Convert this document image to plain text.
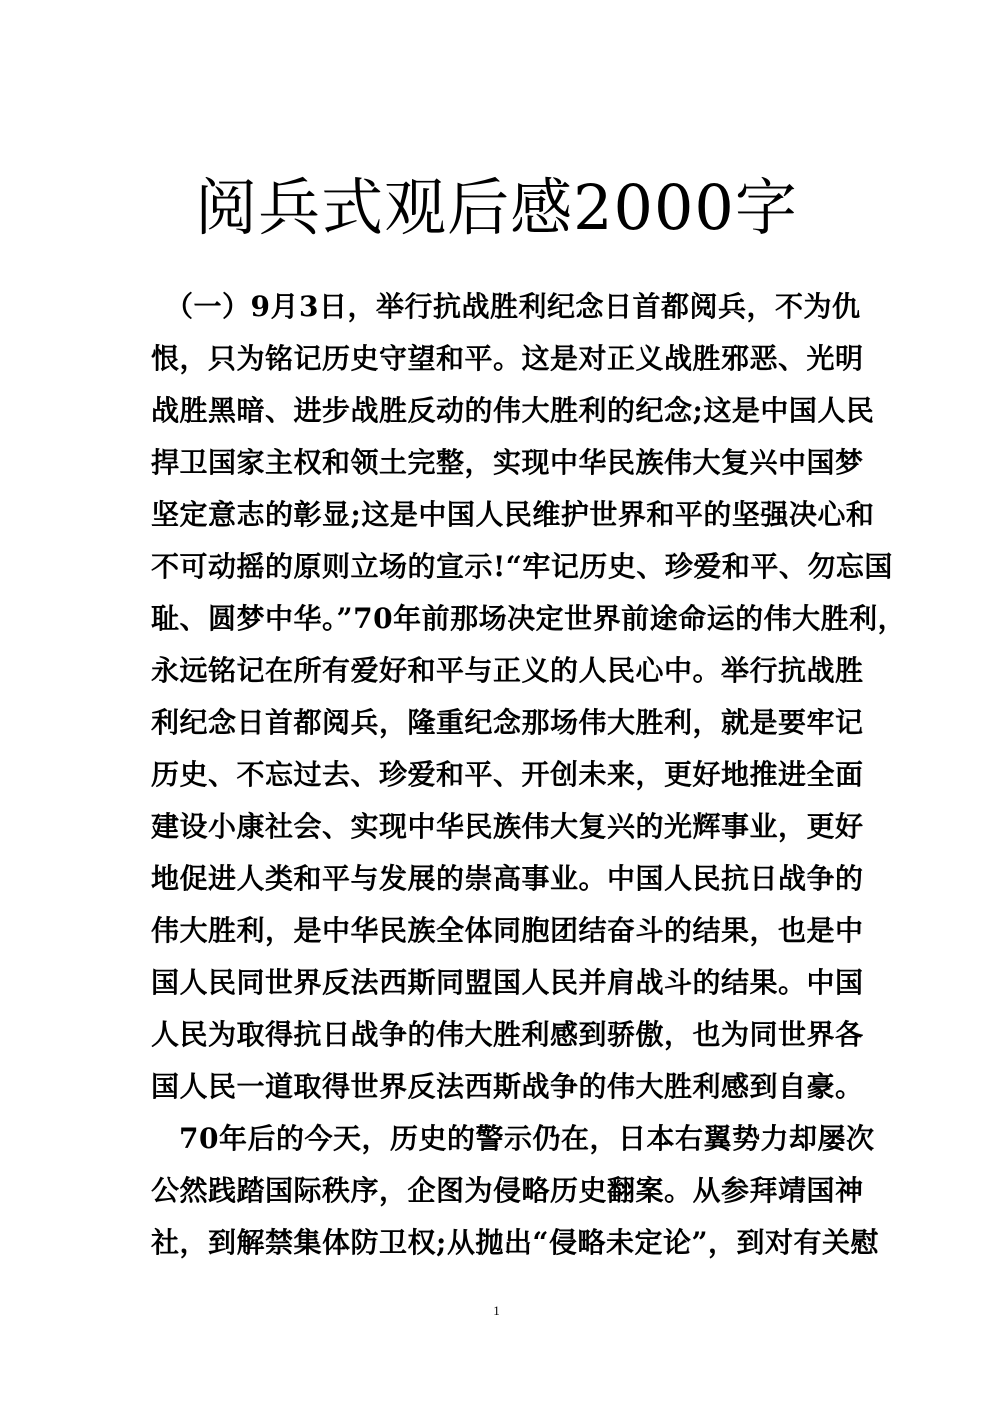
阅兵式观后感2000字
（一）9月3日，举行抗战胜利纪念日首都阅兵，不为仇
恨，只为铭记历史守望和平。这是对正义战胜邪恶、光明
战胜黑暗、进步战胜反动的伟大胜利的纪念;这是中国人民
捍卫国家主权和领土完整，实现中华民族伟大复兴中国梦
坚定意志的彰显;这是中国人民维护世界和平的坚强决心和
不可动摇的原则立场的宣示!“牢记历史、珍爱和平、勿忘国
耻、圆梦中华。”70年前那场决定世界前途命运的伟大胜利，
永远铭记在所有爱好和平与正义的人民心中。举行抗战胜
利纪念日首都阅兵，隆重纪念那场伟大胜利，就是要牢记
历史、不忘过去、珍爱和平、开创未来，更好地推进全面
建设小康社会、实现中华民族伟大复兴的光辉事业，更好
地促进人类和平与发展的崇高事业。中国人民抗日战争的
伟大胜利，是中华民族全体同胞团结奋斗的结果，也是中
国人民同世界反法西斯同盟国人民并肩战斗的结果。中国
人民为取得抗日战争的伟大胜利感到骄傲，也为同世界各
国人民一道取得世界反法西斯战争的伟大胜利感到自豪。
70年后的今天，历史的警示仍在，日本右翼势力却屡次
公然践踏国际秩序，企图为侵略历史翻案。从参拜靖国神
社，到解禁集体防卫权;从抛出“侵略未定论”，到对有关慰
1
